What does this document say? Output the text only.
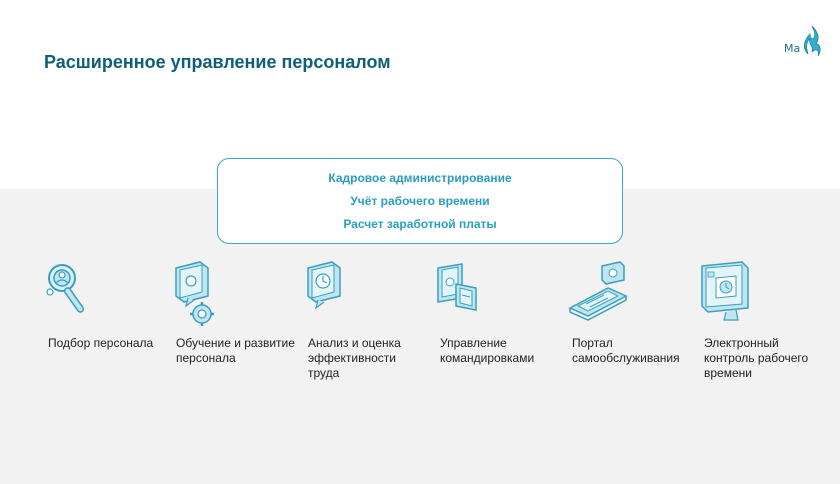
Расширенное управление персоналом
Ma
Кадровое администрирование
Учёт рабочего времени
Расчет заработной платы
Подбор персонала	Обучение и развитие персонала
Анализ и оценка эффективности труда
Управление командировками
Портал самообслуживания
Электронный контроль рабочего времени
